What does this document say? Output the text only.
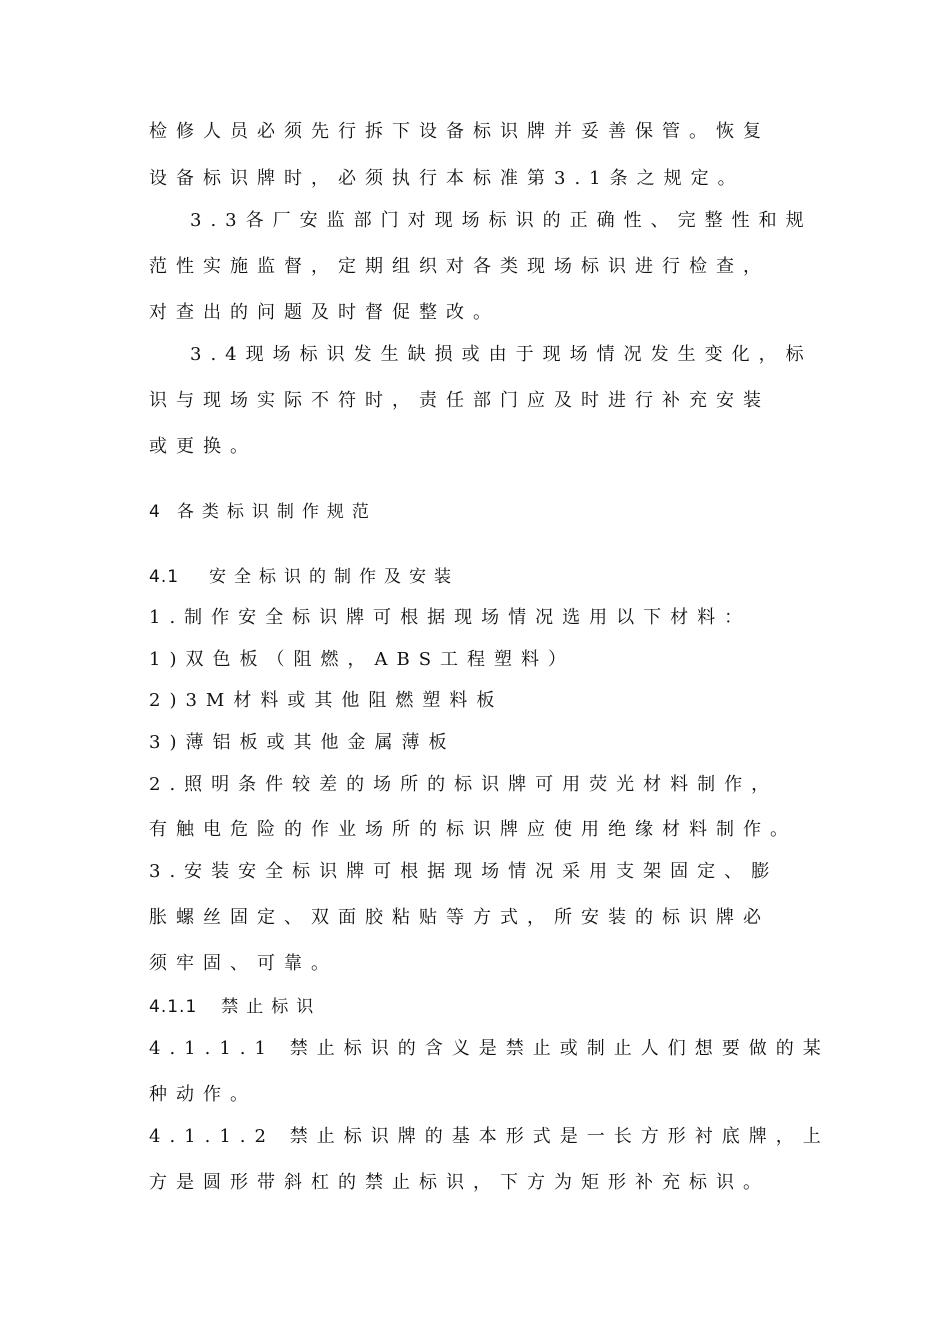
检修人员必须先行拆下设备标识牌并妥善保管。恢复
设备标识牌时，必须执行本标准第3.1条之规定。
3.3各厂安监部门对现场标识的正确性、完整性和规
范性实施监督，定期组织对各类现场标识进行检查，
对查出的问题及时督促整改。
3.4现场标识发生缺损或由于现场情况发生变化，标
识与现场实际不符时，责任部门应及时进行补充安装
或更换。
4 各类标识制作规范
4.1 安全标识的制作及安装
1.制作安全标识牌可根据现场情况选用以下材料：
1)双色板（阻燃，ABS工程塑料）
2)3M材料或其他阻燃塑料板
3)薄铝板或其他金属薄板
2.照明条件较差的场所的标识牌可用荧光材料制作，
有触电危险的作业场所的标识牌应使用绝缘材料制作。
3.安装安全标识牌可根据现场情况采用支架固定、膨
胀螺丝固定、双面胶粘贴等方式，所安装的标识牌必
须牢固、可靠。
4.1.1 禁止标识
4.1.1.1 禁止标识的含义是禁止或制止人们想要做的某
种动作。
4.1.1.2 禁止标识牌的基本形式是一长方形衬底牌，上
方是圆形带斜杠的禁止标识，下方为矩形补充标识。
